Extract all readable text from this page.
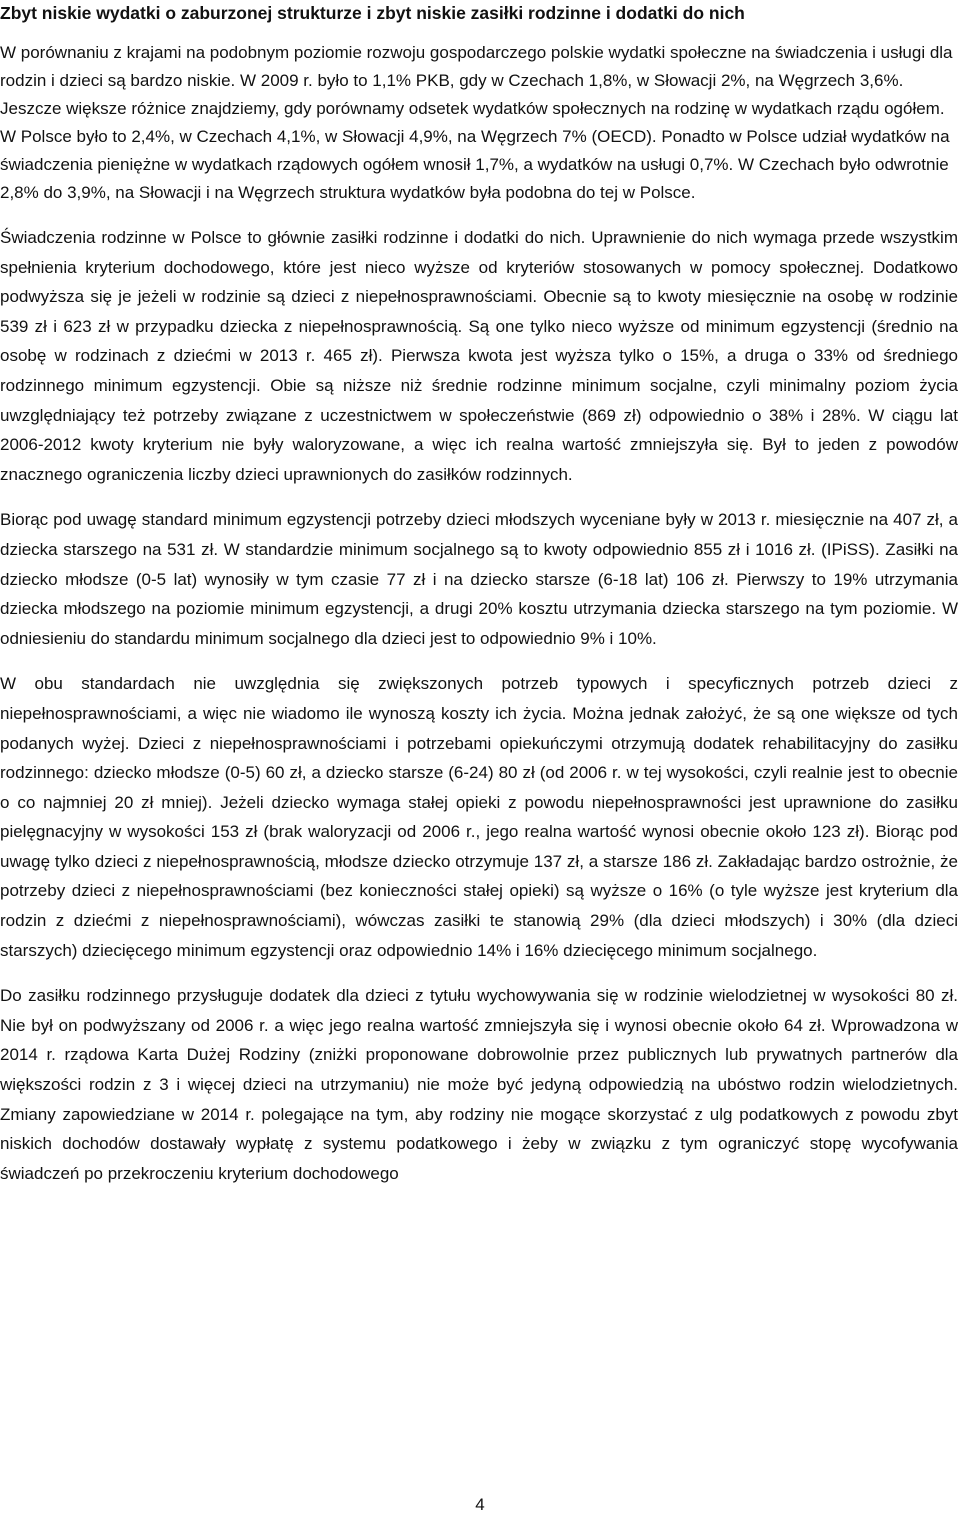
Zbyt niskie wydatki o zaburzonej strukturze i zbyt niskie zasiłki rodzinne i dodatki do nich

W porównaniu z krajami na podobnym poziomie rozwoju gospodarczego polskie wydatki społeczne na świadczenia i usługi dla rodzin i dzieci są bardzo niskie. W 2009 r. było to 1,1% PKB, gdy w Czechach 1,8%, w Słowacji 2%, na Węgrzech 3,6%. Jeszcze większe różnice znajdziemy, gdy porównamy odsetek wydatków społecznych na rodzinę w wydatkach rządu ogółem. W Polsce było to 2,4%, w Czechach 4,1%, w Słowacji 4,9%, na Węgrzech 7% (OECD). Ponadto w Polsce udział wydatków na świadczenia pieniężne w wydatkach rządowych ogółem wnosił 1,7%, a wydatków na usługi 0,7%. W Czechach było odwrotnie 2,8% do 3,9%, na Słowacji i na Węgrzech struktura wydatków była podobna do tej w Polsce.

Świadczenia rodzinne w Polsce to głównie zasiłki rodzinne i dodatki do nich. Uprawnienie do nich wymaga przede wszystkim spełnienia kryterium dochodowego, które jest nieco wyższe od kryteriów stosowanych w pomocy społecznej. Dodatkowo podwyższa się je jeżeli w rodzinie są dzieci z niepełnosprawnościami. Obecnie są to kwoty miesięcznie na osobę w rodzinie 539 zł i 623 zł w przypadku dziecka z niepełnosprawnością. Są one tylko nieco wyższe od minimum egzystencji (średnio na osobę w rodzinach z dziećmi w 2013 r. 465 zł). Pierwsza kwota jest wyższa tylko o 15%, a druga o 33% od średniego rodzinnego minimum egzystencji. Obie są niższe niż średnie rodzinne minimum socjalne, czyli minimalny poziom życia uwzględniający też potrzeby związane z uczestnictwem w społeczeństwie (869 zł) odpowiednio o 38% i 28%. W ciągu lat 2006-2012 kwoty kryterium nie były waloryzowane, a więc ich realna wartość zmniejszyła się. Był to jeden z powodów znacznego ograniczenia liczby dzieci uprawnionych do zasiłków rodzinnych.

Biorąc pod uwagę standard minimum egzystencji potrzeby dzieci młodszych wyceniane były w 2013 r. miesięcznie na 407 zł, a dziecka starszego na 531 zł. W standardzie minimum socjalnego są to kwoty odpowiednio 855 zł i 1016 zł. (IPiSS). Zasiłki na dziecko młodsze (0-5 lat) wynosiły w tym czasie 77 zł i na dziecko starsze (6-18 lat) 106 zł. Pierwszy to 19% utrzymania dziecka młodszego na poziomie minimum egzystencji, a drugi 20% kosztu utrzymania dziecka starszego na tym poziomie. W odniesieniu do standardu minimum socjalnego dla dzieci jest to odpowiednio 9% i 10%.

W obu standardach nie uwzględnia się zwiększonych potrzeb typowych i specyficznych potrzeb dzieci z niepełnosprawnościami, a więc nie wiadomo ile wynoszą koszty ich życia. Można jednak założyć, że są one większe od tych podanych wyżej. Dzieci z niepełnosprawnościami i potrzebami opiekuńczymi otrzymują dodatek rehabilitacyjny do zasiłku rodzinnego: dziecko młodsze (0-5) 60 zł, a dziecko starsze (6-24) 80 zł (od 2006 r. w tej wysokości, czyli realnie jest to obecnie o co najmniej 20 zł mniej). Jeżeli dziecko wymaga stałej opieki z powodu niepełnosprawności jest uprawnione do zasiłku pielęgnacyjny w wysokości 153 zł (brak waloryzacji od 2006 r., jego realna wartość wynosi obecnie około 123 zł). Biorąc pod uwagę tylko dzieci z niepełnosprawnością, młodsze dziecko otrzymuje 137 zł, a starsze 186 zł. Zakładając bardzo ostrożnie, że potrzeby dzieci z niepełnosprawnościami (bez konieczności stałej opieki) są wyższe o 16% (o tyle wyższe jest kryterium dla rodzin z dziećmi z niepełnosprawnościami), wówczas zasiłki te stanowią 29% (dla dzieci młodszych) i 30% (dla dzieci starszych) dziecięcego minimum egzystencji oraz odpowiednio 14% i 16% dziecięcego minimum socjalnego.

Do zasiłku rodzinnego przysługuje dodatek dla dzieci z tytułu wychowywania się w rodzinie wielodzietnej w wysokości 80 zł. Nie był on podwyższany od 2006 r. a więc jego realna wartość zmniejszyła się i wynosi obecnie około 64 zł. Wprowadzona w 2014 r. rządowa Karta Dużej Rodziny (zniżki proponowane dobrowolnie przez publicznych lub prywatnych partnerów dla większości rodzin z 3 i więcej dzieci na utrzymaniu) nie może być jedyną odpowiedzią na ubóstwo rodzin wielodzietnych. Zmiany zapowiedziane w 2014 r. polegające na tym, aby rodziny nie mogące skorzystać z ulg podatkowych z powodu zbyt niskich dochodów dostawały wypłatę z systemu podatkowego i żeby w związku z tym ograniczyć stopę wycofywania świadczeń po przekroczeniu kryterium dochodowego

4
